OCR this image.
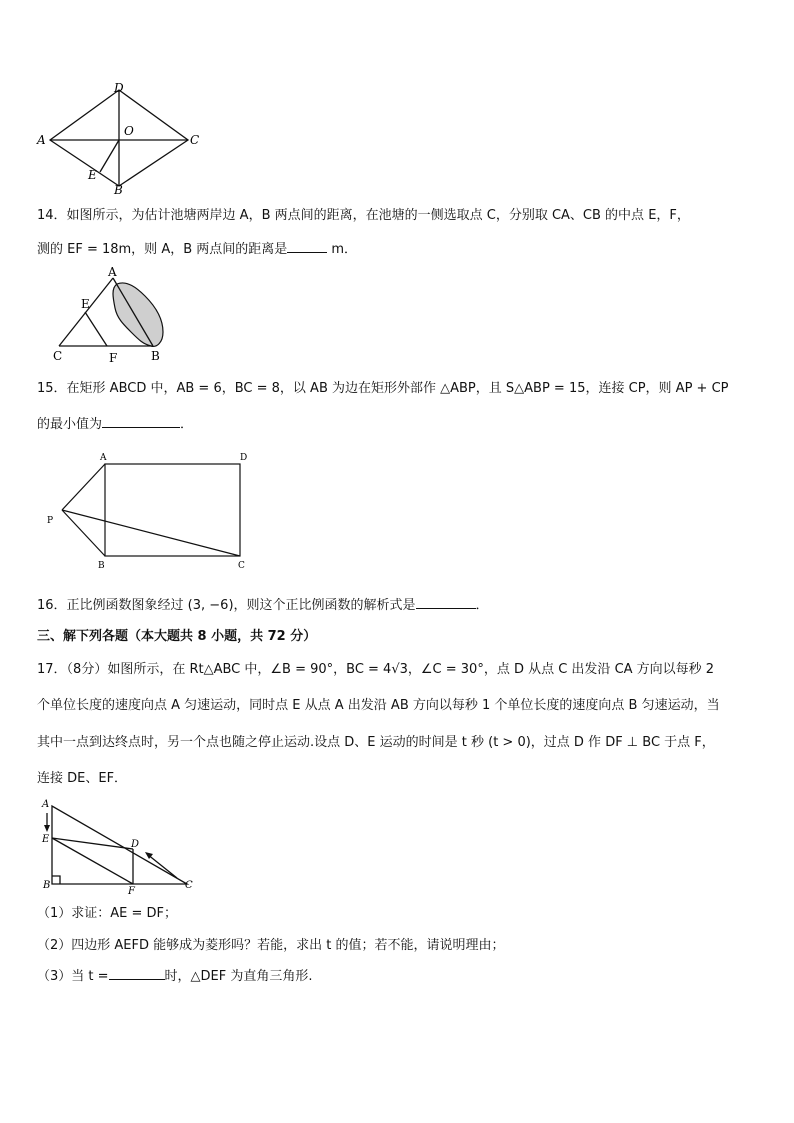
D
A
O
C
E
B
14．如图所示，为估计池塘两岸边 A，B 两点间的距离，在池塘的一侧选取点 C，分别取 CA、CB 的中点 E，F，
测的 EF = 18m，则 A，B 两点间的距离是	m．
A
E
C	F	B
15．在矩形 ABCD 中，AB = 6，BC = 8，以 AB 为边在矩形外部作 △ABP，且 S△ABP = 15，连接 CP，则 AP + CP
的最小值为	．
A	D
P
B	C
16．正比例函数图象经过 (3, −6)，则这个正比例函数的解析式是	．
三、解下列各题（本大题共 8 小题，共 72 分）
17．（8分）如图所示，在 Rt△ABC 中，∠B = 90°，BC = 4√3，∠C = 30°，点 D 从点 C 出发沿 CA 方向以每秒 2
个单位长度的速度向点 A 匀速运动，同时点 E 从点 A 出发沿 AB 方向以每秒 1 个单位长度的速度向点 B 匀速运动，当
其中一点到达终点时，另一个点也随之停止运动.设点 D、E 运动的时间是 t 秒 (t > 0)，过点 D 作 DF ⊥ BC 于点 F，
连接 DE、EF．
A
E	D
B
F
C
（1）求证：AE = DF；
（2）四边形 AEFD 能够成为菱形吗？若能，求出 t 的值；若不能，请说明理由；
（3）当 t =	时，△DEF 为直角三角形.
